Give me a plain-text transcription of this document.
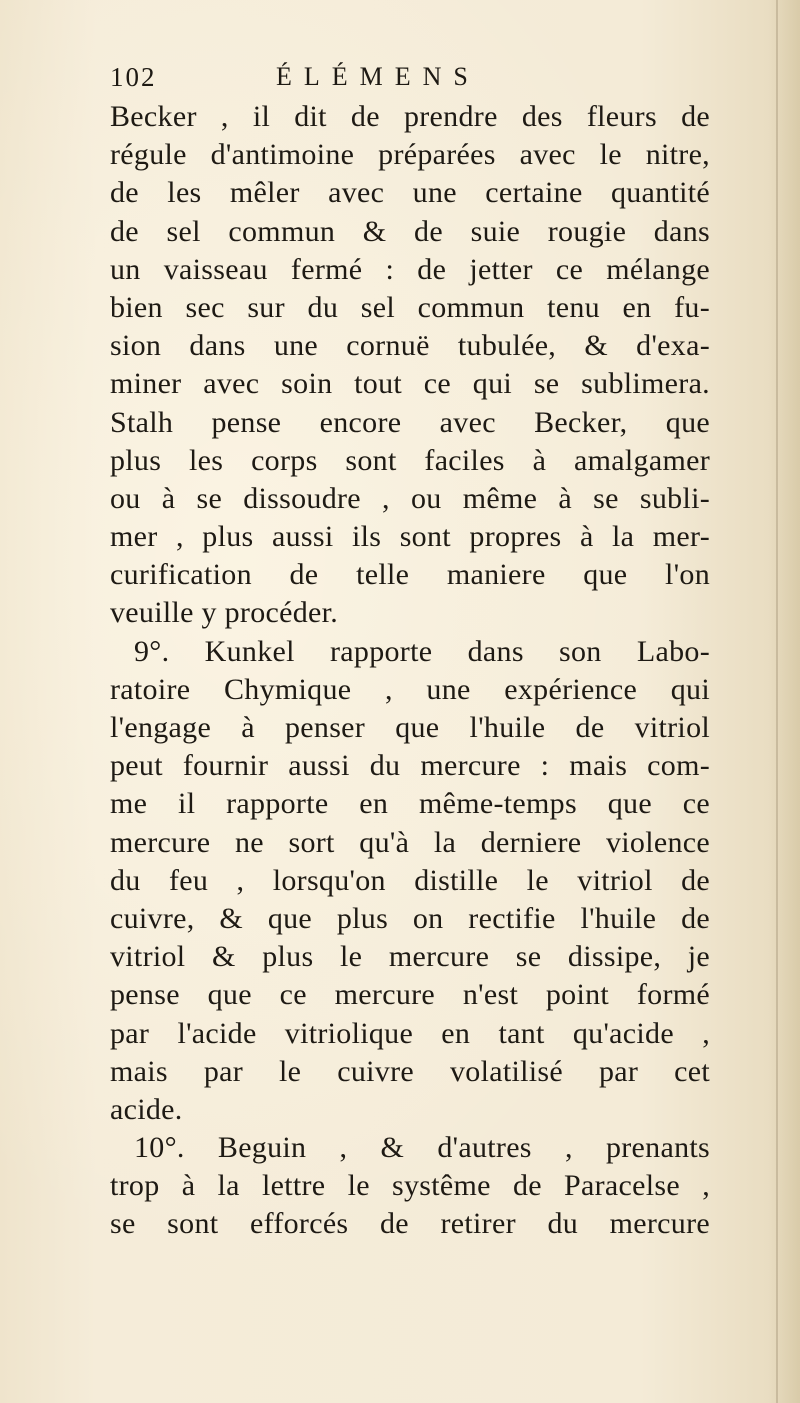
102	ÉLÉMENS
Becker , il dit de prendre des fleurs de
régule d'antimoine préparées avec le nitre,
de les mêler avec une certaine quantité
de sel commun & de suie rougie dans
un vaisseau fermé : de jetter ce mélange
bien sec sur du sel commun tenu en fu-
sion dans une cornuë tubulée, & d'exa-
miner avec soin tout ce qui se sublimera.
Stalh pense encore avec Becker, que
plus les corps sont faciles à amalgamer
ou à se dissoudre , ou même à se subli-
mer , plus aussi ils sont propres à la mer-
curification de telle maniere que l'on
veuille y procéder.
9°. Kunkel rapporte dans son Labo-
ratoire Chymique , une expérience qui
l'engage à penser que l'huile de vitriol
peut fournir aussi du mercure : mais com-
me il rapporte en même-temps que ce
mercure ne sort qu'à la derniere violence
du feu , lorsqu'on distille le vitriol de
cuivre, & que plus on rectifie l'huile de
vitriol & plus le mercure se dissipe, je
pense que ce mercure n'est point formé
par l'acide vitriolique en tant qu'acide ,
mais par le cuivre volatilisé par cet
acide.
10°. Beguin , & d'autres , prenants
trop à la lettre le systême de Paracelse ,
se sont efforcés de retirer du mercure
